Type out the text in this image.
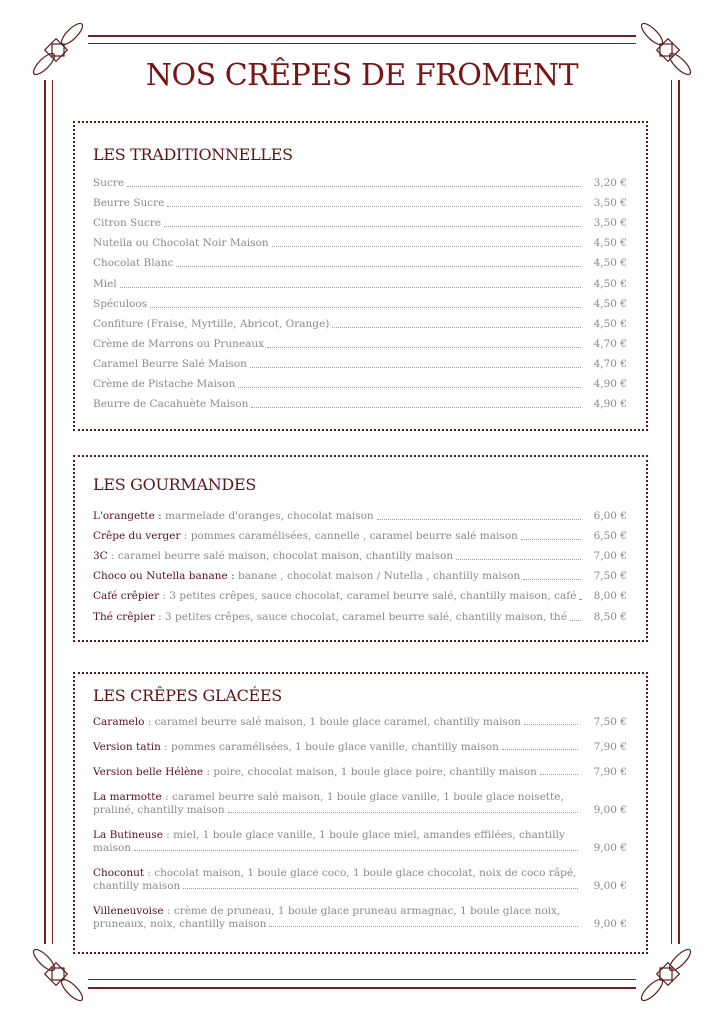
NOS CRÊPES DE FROMENT
LES TRADITIONNELLES
Sucre	3,20 €
Beurre Sucre	3,50 €
Citron Sucre	3,50 €
Nutella ou Chocolat Noir Maison	4,50 €
Chocolat Blanc	4,50 €
Miel	4,50 €
Spéculoos	4,50 €
Confiture (Fraise, Myrtille, Abricot, Orange)	4,50 €
Crème de Marrons ou Pruneaux	4,70 €
Caramel Beurre Salé Maison	4,70 €
Crème de Pistache Maison	4,90 €
Beurre de Cacahuète Maison	4,90 €
LES GOURMANDES
L'orangette : marmelade d'oranges, chocolat maison	6,00 €
Crêpe du verger : pommes caramélisées, cannelle , caramel beurre salé maison	6,50 €
3C : caramel beurre salé maison, chocolat maison, chantilly maison	7,00 €
Choco ou Nutella banane : banane , chocolat maison / Nutella , chantilly maison	7,50 €
Café crêpier : 3 petites crêpes, sauce chocolat, caramel beurre salé, chantilly maison, café	8,00 €
Thé crêpier : 3 petites crêpes, sauce chocolat, caramel beurre salé, chantilly maison, thé	8,50 €
LES CRÊPES GLACÉES
Caramelo : caramel beurre salé maison, 1 boule glace caramel, chantilly maison	7,50 €
Version tatin : pommes caramélisées, 1 boule glace vanille, chantilly maison	7,90 €
Version belle Hélène : poire, chocolat maison, 1 boule glace poire, chantilly maison	7,90 €
La marmotte : caramel beurre salé maison, 1 boule glace vanille, 1 boule glace noisette, praliné, chantilly maison	9,00 €
La Butineuse : miel, 1 boule glace vanille, 1 boule glace miel, amandes effilées, chantilly maison	9,00 €
Choconut : chocolat maison, 1 boule glace coco, 1 boule glace chocolat, noix de coco râpé, chantilly maison	9,00 €
Villeneuvoise : crème de pruneau, 1 boule glace pruneau armagnac, 1 boule glace noix, pruneaux, noix, chantilly maison	9,00 €
